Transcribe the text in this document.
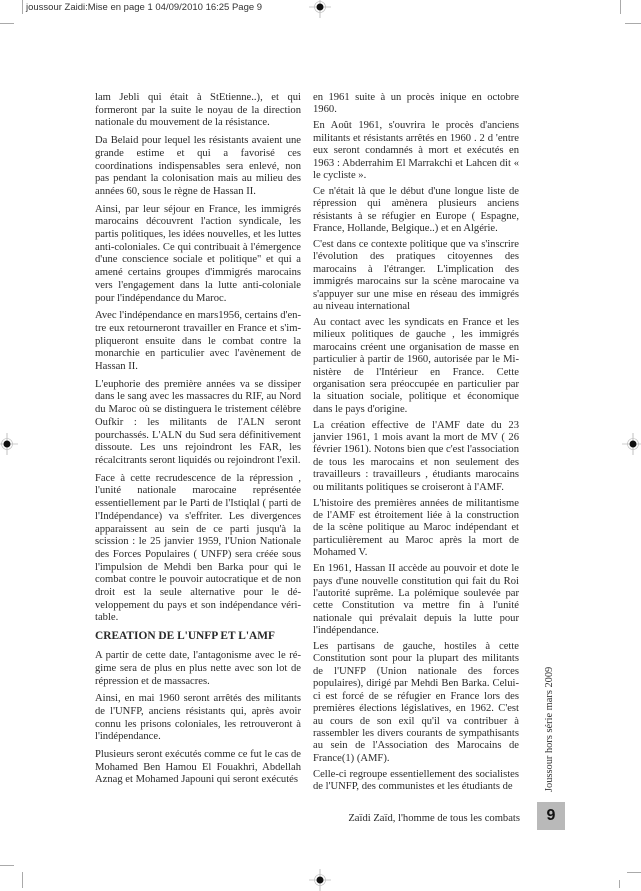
joussour Zaidi:Mise en page 1 04/09/2010 16:25 Page 9

lam Jebli qui était à StEtienne..), et qui formeront par la suite le noyau de la direction nationale du mouvement de la résistance.

Da Belaid pour lequel les résistants avaient une grande estime et qui a favorisé ces coordinations indispensables sera enlevé, non pas pendant la colonisation mais au milieu des années 60, sous le règne de Hassan II.

Ainsi, par leur séjour en France, les immigrés marocains découvrent l'action syndicale, les partis politiques, les idées nouvelles, et les luttes anti-coloniales. Ce qui contribuait à l'émergence d'une conscience sociale et politique" et qui a amené certains groupes d'immigrés marocains vers l'engagement dans la lutte anti-coloniale pour l'indépendance du Maroc.

Avec l'indépendance en mars1956, certains d'entre eux retourneront travailler en France et s'impliqueront ensuite dans le combat contre la monarchie en particulier avec l'avènement de Hassan II.

L'euphorie des première années va se dissiper dans le sang avec les massacres du RIF, au Nord du Maroc où se distinguera le tristement célèbre Oufkir : les militants de l'ALN seront pourchassés. L'ALN du Sud sera définitivement dissoute. Les uns rejoindront les FAR, les récalcitrants seront liquidés ou rejoindront l'exil.

Face à cette recrudescence de la répression , l'unité nationale marocaine représentée essentiellement par le Parti de l'Istiqlal ( parti de l'Indépendance) va s'effriter. Les divergences apparaissent au sein de ce parti jusqu'à la scission : le 25 janvier 1959, l'Union Nationale des Forces Populaires ( UNFP) sera créée sous l'impulsion de Mehdi ben Barka pour qui le combat contre le pouvoir autocratique et de non droit est la seule alternative pour le développement du pays et son indépendance véritable.

CREATION DE L'UNFP ET L'AMF

A partir de cette date, l'antagonisme avec le régime sera de plus en plus nette avec son lot de répression et de massacres.

Ainsi, en mai 1960 seront arrêtés des militants de l'UNFP, anciens résistants qui, après avoir connu les prisons coloniales, les retrouveront à l'indépendance.

Plusieurs seront exécutés comme ce fut le cas de Mohamed Ben Hamou El Fouakhri, Abdellah Aznag et Mohamed Japouni qui seront exécutés

en 1961 suite à un procès inique en octobre 1960.

En Août 1961, s'ouvrira le procès d'anciens militants et résistants arrêtés en 1960 . 2 d 'entre eux seront condamnés à mort et exécutés en 1963 : Abderrahim El Marrakchi et Lahcen dit « le cycliste ».

Ce n'était là que le début d'une longue liste de répression qui amènera plusieurs anciens résistants à se réfugier en Europe ( Espagne, France, Hollande, Belgique..) et en Algérie.

C'est dans ce contexte politique que va s'inscrire l'évolution des pratiques citoyennes des marocains à l'étranger. L'implication des immigrés marocains sur la scène marocaine va s'appuyer sur une mise en réseau des immigrés au niveau international

Au contact avec les syndicats en France et les milieux politiques de gauche , les immigrés marocains créent une organisation de masse en particulier à partir de 1960, autorisée par le Ministère de l'Intérieur en France. Cette organisation sera préoccupée en particulier par la situation sociale, politique et économique dans le pays d'origine.

La création effective de l'AMF date du 23 janvier 1961, 1 mois avant la mort de MV ( 26 février 1961). Notons bien que c'est l'association de tous les marocains et non seulement des travailleurs : travailleurs , étudiants marocains ou militants politiques se croiseront à l'AMF.

L'histoire des premières années de militantisme de l'AMF est étroitement liée à la construction de la scène politique au Maroc indépendant et particulièrement au Maroc après la mort de Mohamed V.

En 1961, Hassan II accède au pouvoir et dote le pays d'une nouvelle constitution qui fait du Roi l'autorité suprême. La polémique soulevée par cette Constitution va mettre fin à l'unité nationale qui prévalait depuis la lutte pour l'indépendance.

Les partisans de gauche, hostiles à cette Constitution sont pour la plupart des militants de l'UNFP (Union nationale des forces populaires), dirigé par Mehdi Ben Barka. Celui-ci est forcé de se réfugier en France lors des premières élections législatives, en 1962. C'est au cours de son exil qu'il va contribuer à rassembler les divers courants de sympathisants au sein de l'Association des Marocains de France(1) (AMF).

Celle-ci regroupe essentiellement des socialistes de l'UNFP, des communistes et les étudiants de	Joussour hors série mars 2009
Zaïdi Zaïd, l'homme de tous les combats 9
